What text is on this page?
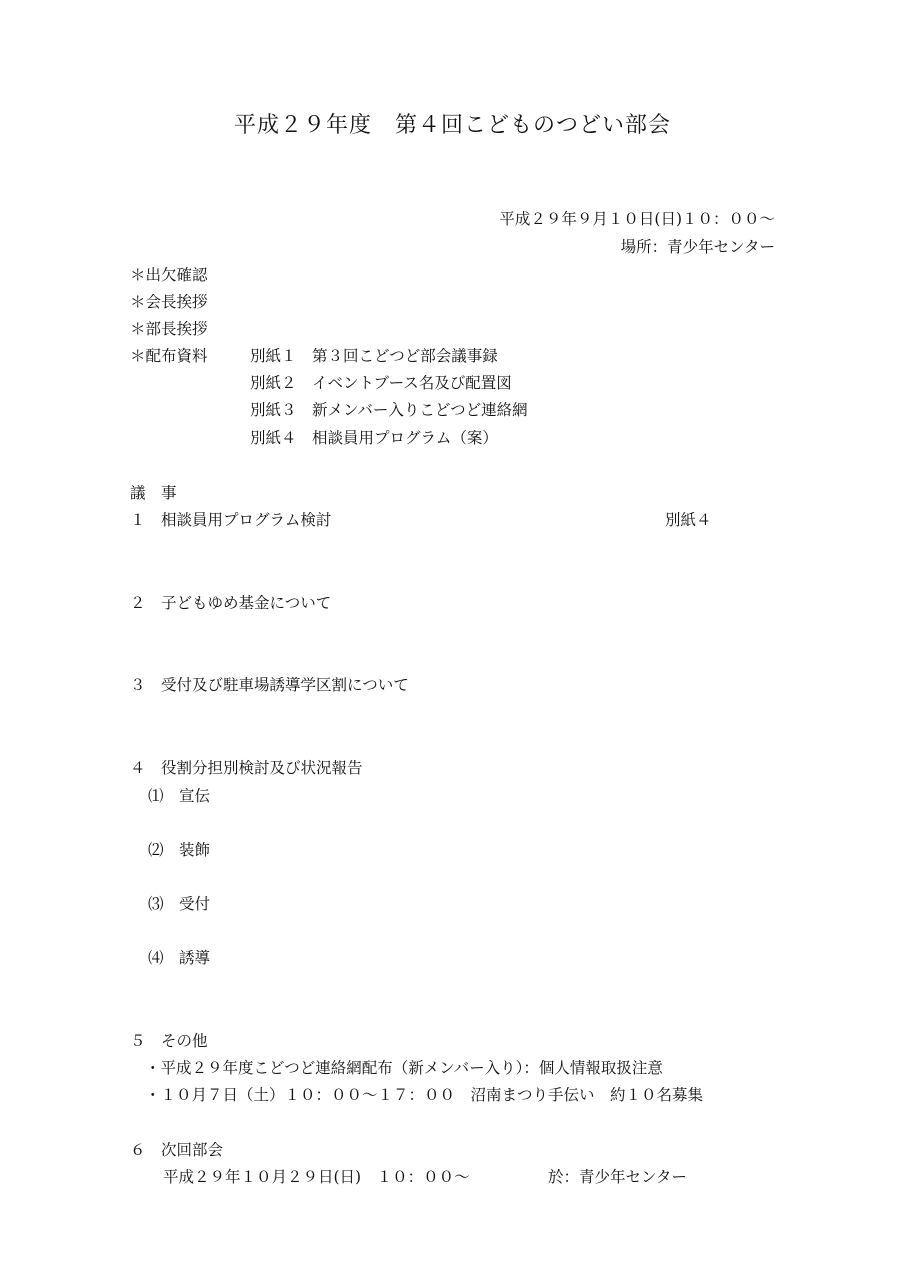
平成２９年度　第４回こどものつどい部会
平成２９年９月１０日(日)１０：００～
場所：青少年センター
＊出欠確認
＊会長挨拶
＊部長挨拶
＊配布資料	別紙１　第３回こどつど部会議事録
別紙２　イベントブース名及び配置図
別紙３　新メンバー入りこどつど連絡網
別紙４　相談員用プログラム（案）
議　事
１　相談員用プログラム検討	別紙４
２　子どもゆめ基金について
３　受付及び駐車場誘導学区割について
４　役割分担別検討及び状況報告
⑴　宣伝
⑵　装飾
⑶　受付
⑷　誘導
５　その他
・平成２９年度こどつど連絡網配布（新メンバー入り）：個人情報取扱注意
・１０月７日（土）１０：００～１７：００　沼南まつり手伝い　約１０名募集
６　次回部会
平成２９年１０月２９日(日)　１０：００～	於：青少年センター
